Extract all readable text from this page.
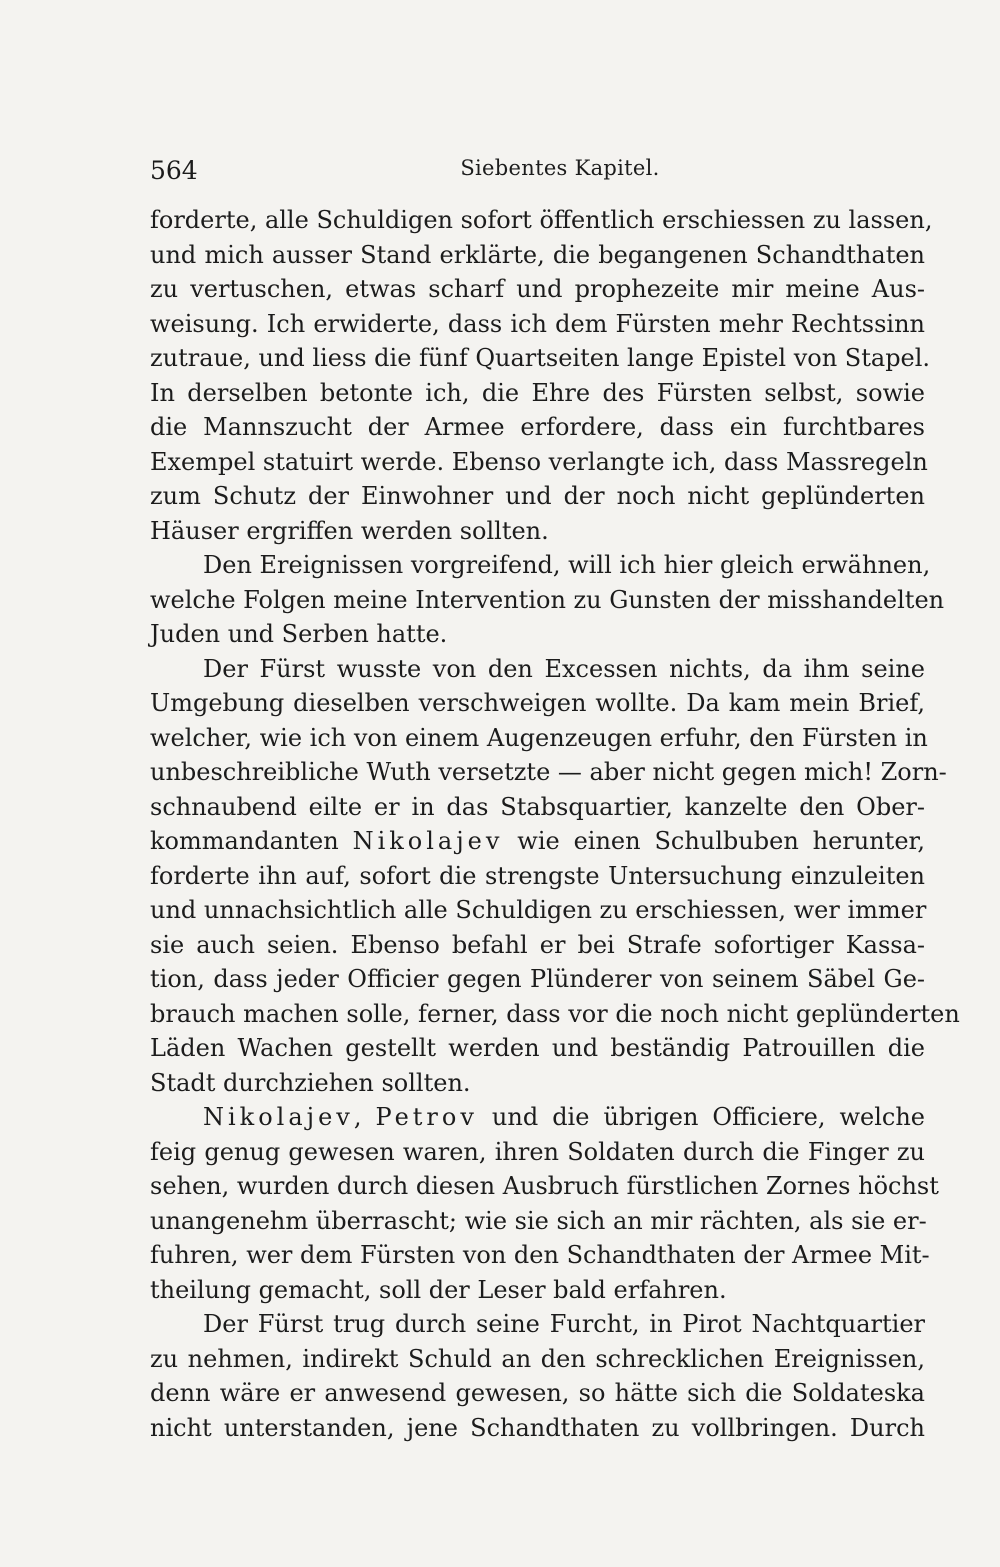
564	Siebentes Kapitel.
forderte, alle Schuldigen sofort öffentlich erschiessen zu lassen,
und mich ausser Stand erklärte, die begangenen Schandthaten
zu vertuschen, etwas scharf und prophezeite mir meine Aus-
weisung. Ich erwiderte, dass ich dem Fürsten mehr Rechtssinn
zutraue, und liess die fünf Quartseiten lange Epistel von Stapel.
In derselben betonte ich, die Ehre des Fürsten selbst, sowie
die Mannszucht der Armee erfordere, dass ein furchtbares
Exempel statuirt werde. Ebenso verlangte ich, dass Massregeln
zum Schutz der Einwohner und der noch nicht geplünderten
Häuser ergriffen werden sollten.
Den Ereignissen vorgreifend, will ich hier gleich erwähnen,
welche Folgen meine Intervention zu Gunsten der misshandelten
Juden und Serben hatte.
Der Fürst wusste von den Excessen nichts, da ihm seine
Umgebung dieselben verschweigen wollte. Da kam mein Brief,
welcher, wie ich von einem Augenzeugen erfuhr, den Fürsten in
unbeschreibliche Wuth versetzte — aber nicht gegen mich! Zorn-
schnaubend eilte er in das Stabsquartier, kanzelte den Ober-
kommandanten Nikolajev wie einen Schulbuben herunter,
forderte ihn auf, sofort die strengste Untersuchung einzuleiten
und unnachsichtlich alle Schuldigen zu erschiessen, wer immer
sie auch seien. Ebenso befahl er bei Strafe sofortiger Kassa-
tion, dass jeder Officier gegen Plünderer von seinem Säbel Ge-
brauch machen solle, ferner, dass vor die noch nicht geplünderten
Läden Wachen gestellt werden und beständig Patrouillen die
Stadt durchziehen sollten.
Nikolajev, Petrov und die übrigen Officiere, welche
feig genug gewesen waren, ihren Soldaten durch die Finger zu
sehen, wurden durch diesen Ausbruch fürstlichen Zornes höchst
unangenehm überrascht; wie sie sich an mir rächten, als sie er-
fuhren, wer dem Fürsten von den Schandthaten der Armee Mit-
theilung gemacht, soll der Leser bald erfahren.
Der Fürst trug durch seine Furcht, in Pirot Nachtquartier
zu nehmen, indirekt Schuld an den schrecklichen Ereignissen,
denn wäre er anwesend gewesen, so hätte sich die Soldateska
nicht unterstanden, jene Schandthaten zu vollbringen. Durch
